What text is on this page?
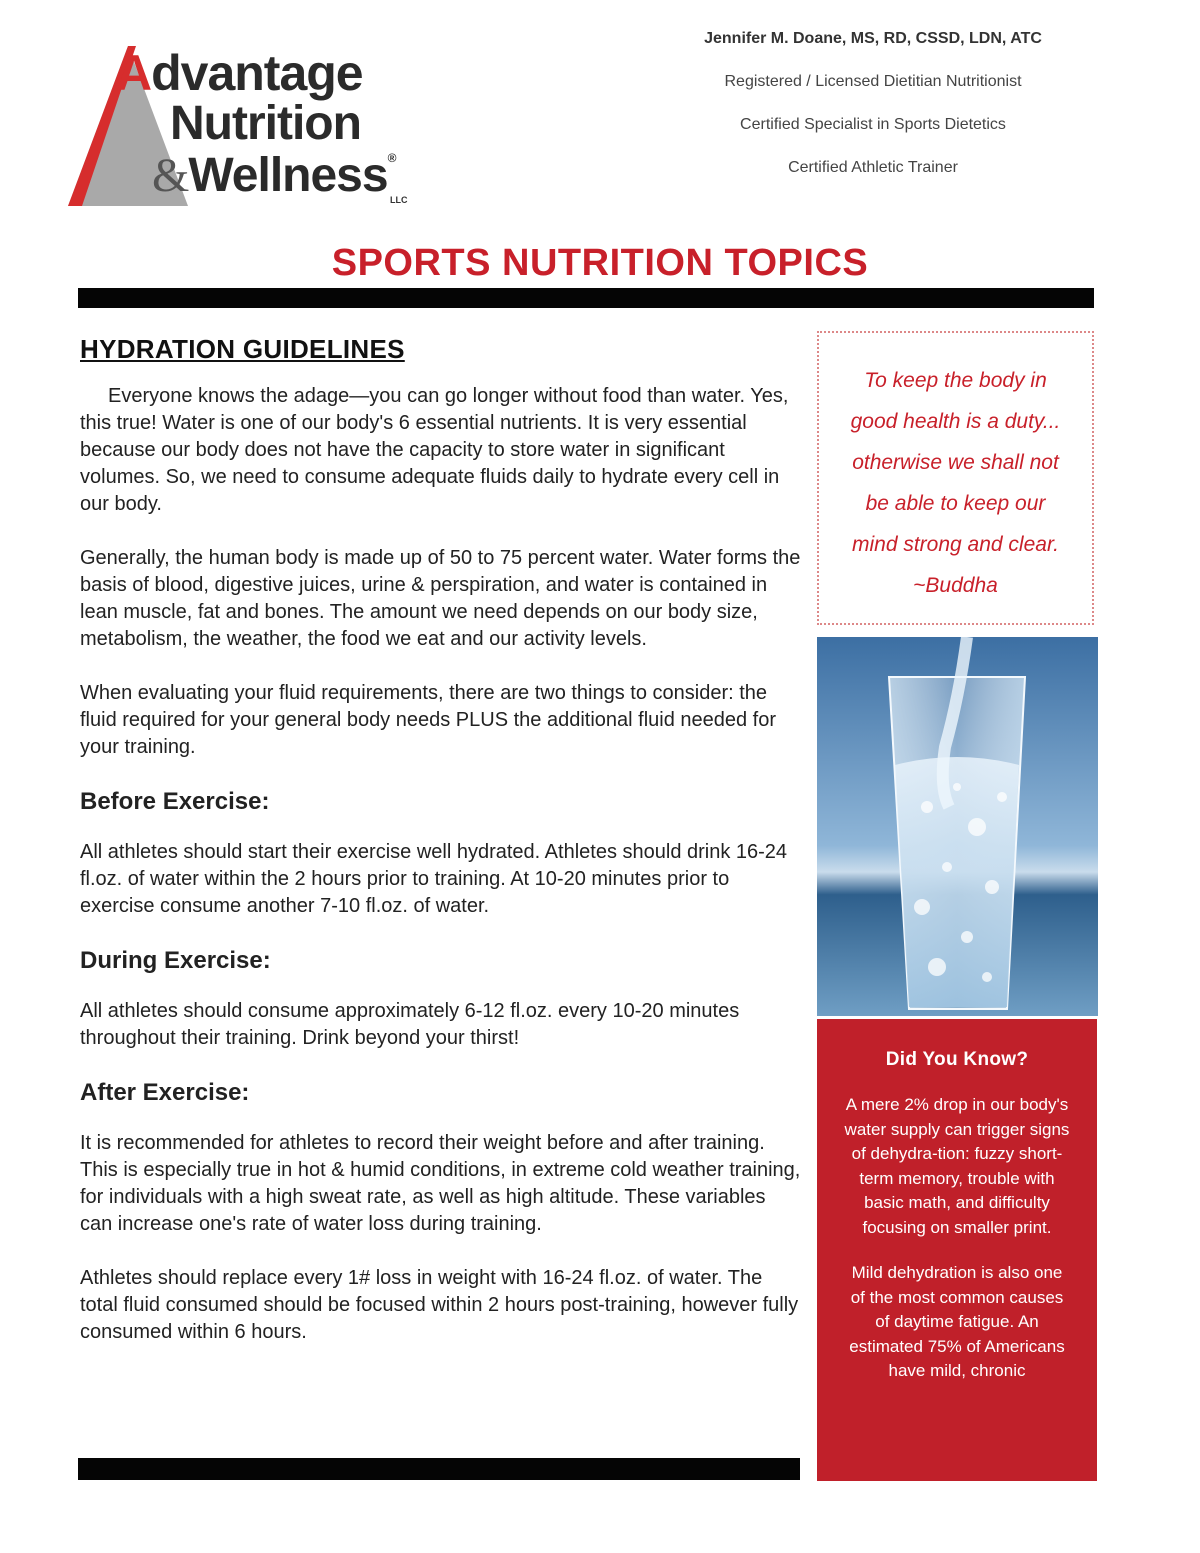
Advantage
Nutrition
&Wellness®
LLC
Jennifer M. Doane, MS, RD, CSSD, LDN, ATC
Registered / Licensed Dietitian Nutritionist
Certified Specialist in Sports Dietetics
Certified Athletic Trainer
SPORTS NUTRITION TOPICS
HYDRATION GUIDELINES

Everyone knows the adage—you can go longer without food than water. Yes, this true! Water is one of our body's 6 essential nutrients. It is very essential because our body does not have the capacity to store water in significant volumes. So, we need to consume adequate fluids daily to hydrate every cell in our body.

Generally, the human body is made up of 50 to 75 percent water. Water forms the basis of blood, digestive juices, urine & perspiration, and water is contained in lean muscle, fat and bones. The amount we need depends on our body size, metabolism, the weather, the food we eat and our activity levels.

When evaluating your fluid requirements, there are two things to consider: the fluid required for your general body needs PLUS the additional fluid needed for your training.

Before Exercise:

All athletes should start their exercise well hydrated. Athletes should drink 16-24 fl.oz. of water within the 2 hours prior to training. At 10-20 minutes prior to exercise consume another 7-10 fl.oz. of water.

During Exercise:

All athletes should consume approximately 6-12 fl.oz. every 10-20 minutes throughout their training. Drink beyond your thirst!

After Exercise:

It is recommended for athletes to record their weight before and after training. This is especially true in hot & humid conditions, in extreme cold weather training, for individuals with a high sweat rate, as well as high altitude. These variables can increase one's rate of water loss during training.

Athletes should replace every 1# loss in weight with 16-24 fl.oz. of water. The total fluid consumed should be focused within 2 hours post-training, however fully consumed within 6 hours.

To keep the body in
good health is a duty...
otherwise we shall not
be able to keep our
mind strong and clear.
~Buddha
Did You Know?

A mere 2% drop in our body's water supply can trigger signs of dehydra-tion: fuzzy short-term memory, trouble with basic math, and difficulty focusing on smaller print.

Mild dehydration is also one of the most common causes of daytime fatigue. An estimated 75% of Americans have mild, chronic
